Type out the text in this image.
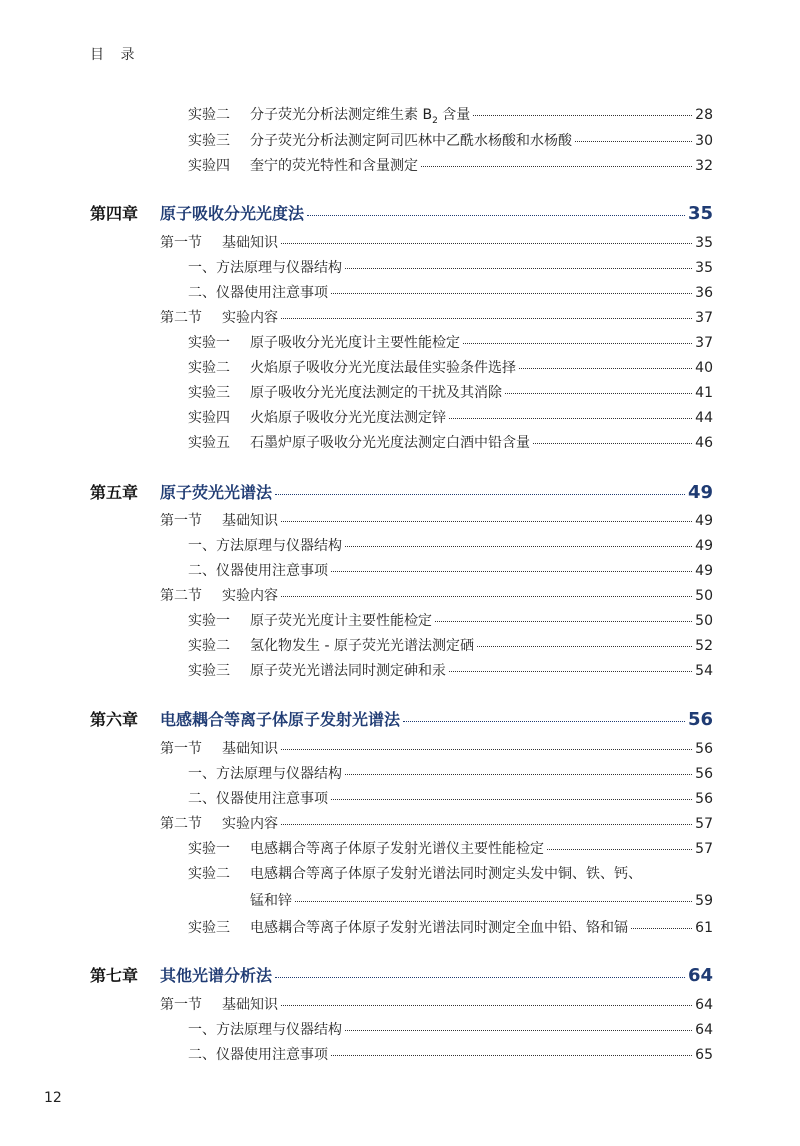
目 录
实验二 分子荧光分析法测定维生素 $B_2$ 含量	28
实验三 分子荧光分析法测定阿司匹林中乙酰水杨酸和水杨酸	30
实验四 奎宁的荧光特性和含量测定	32
第四章 原子吸收分光光度法	35
第一节 基础知识	35
一、方法原理与仪器结构	35
二、仪器使用注意事项	36
第二节 实验内容	37
实验一 原子吸收分光光度计主要性能检定	37
实验二 火焰原子吸收分光光度法最佳实验条件选择	40
实验三 原子吸收分光光度法测定的干扰及其消除	41
实验四 火焰原子吸收分光光度法测定锌	44
实验五 石墨炉原子吸收分光光度法测定白酒中铅含量	46
第五章 原子荧光光谱法	49
第一节 基础知识	49
一、方法原理与仪器结构	49
二、仪器使用注意事项	49
第二节 实验内容	50
实验一 原子荧光光度计主要性能检定	50
实验二 氢化物发生 - 原子荧光光谱法测定硒	52
实验三 原子荧光光谱法同时测定砷和汞	54
第六章 电感耦合等离子体原子发射光谱法	56
第一节 基础知识	56
一、方法原理与仪器结构	56
二、仪器使用注意事项	56
第二节 实验内容	57
实验一 电感耦合等离子体原子发射光谱仪主要性能检定	57
实验二 电感耦合等离子体原子发射光谱法同时测定头发中铜、铁、钙、
锰和锌	59
实验三 电感耦合等离子体原子发射光谱法同时测定全血中铅、铬和镉	61
第七章 其他光谱分析法	64
第一节 基础知识	64
一、方法原理与仪器结构	64
二、仪器使用注意事项	65
12
